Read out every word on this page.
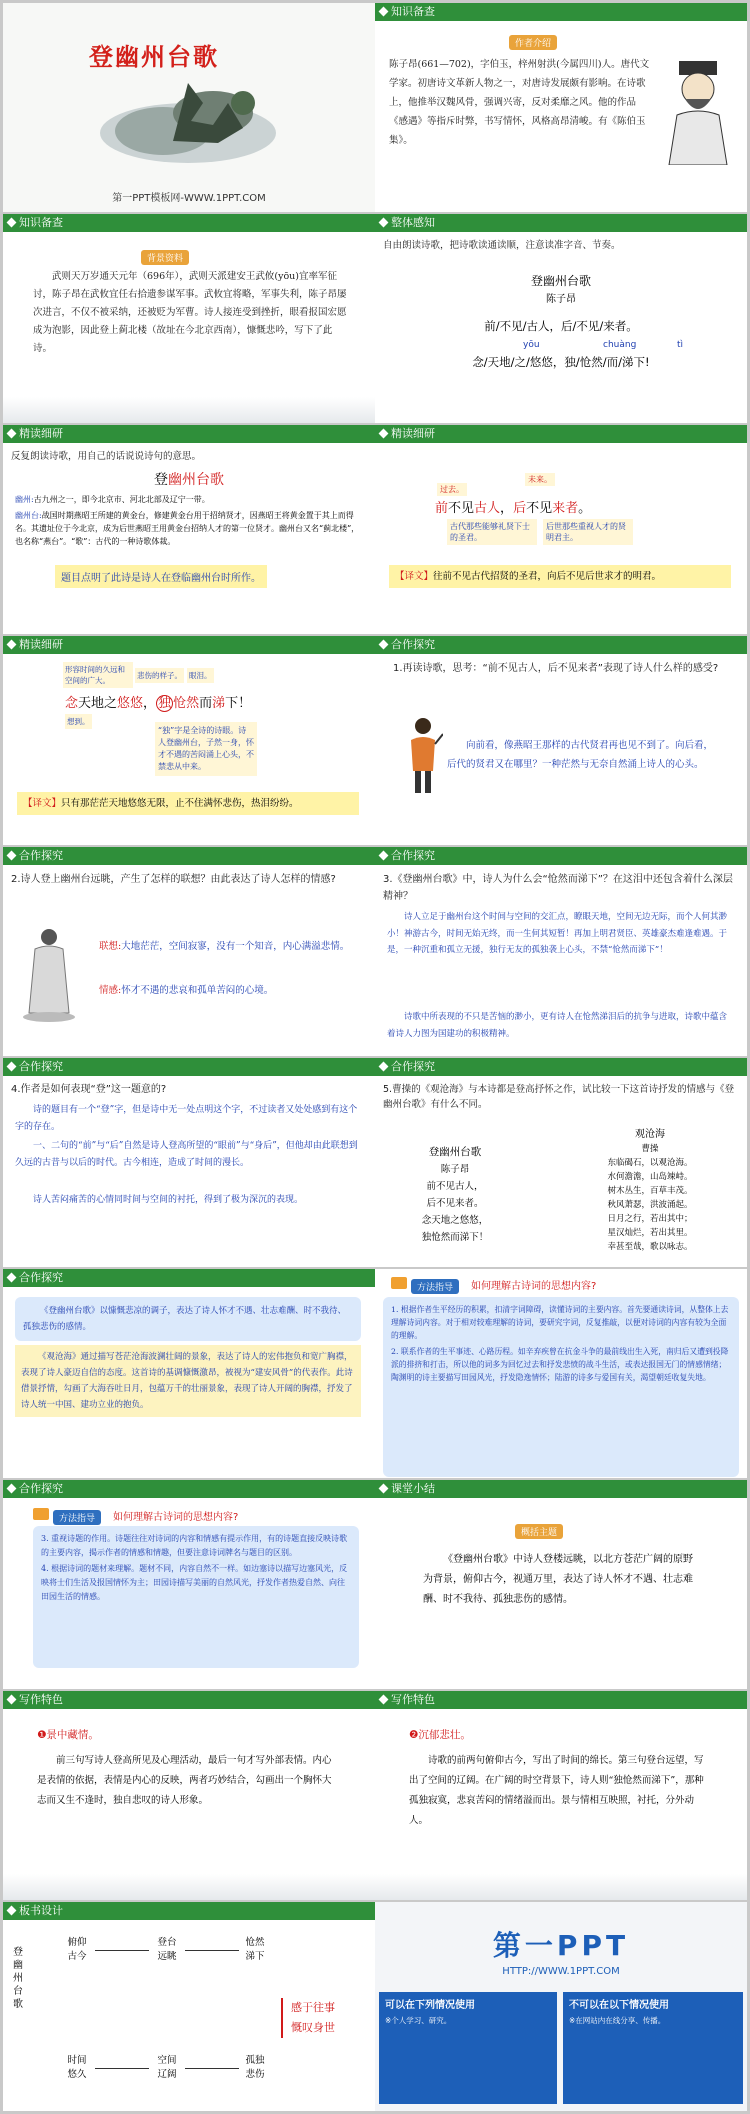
登幽州台歌
第一PPT模板网-WWW.1PPT.COM
知识备查
作者介绍
陈子昂(661—702)，字伯玉，梓州射洪(今属四川)人。唐代文学家。初唐诗文革新人物之一，对唐诗发展颇有影响。在诗歌上，他推举汉魏风骨，强调兴寄，反对柔靡之风。他的作品《感遇》等指斥时弊，书写情怀，风格高昂清峻。有《陈伯玉集》。
知识备查
背景资料
武则天万岁通天元年（696年），武则天派建安王武攸(yōu)宜率军征讨，陈子昂在武攸宜任右拾遗参谋军事。武攸宜将略，军事失利，陈子昂屡次进言，不仅不被采纳，还被贬为军曹。诗人接连受到挫折，眼看报国宏愿成为泡影，因此登上蓟北楼（故址在今北京西南），慷慨悲吟，写下了此诗。
整体感知
自由朗读诗歌，把诗歌读通读顺，注意读准字音、节奏。
登幽州台歌
陈子昂
前/不见/古人，后/不见/来者。
yōu	chuàng	tì
念/天地/之/悠悠，独/怆然/而/涕下!
精读细研
反复朗读诗歌，用自己的话说说诗句的意思。
登幽州台歌
幽州:古九州之一，即今北京市、河北北部及辽宁一带。
幽州台:战国时期燕昭王所建的黄金台，修建黄金台用于招纳贤才，因燕昭王将黄金置于其上而得名。其遗址位于今北京，成为后世燕昭王用黄金台招纳人才的第一位贤才。幽州台又名“蓟北楼”，也名称“燕台”。“歌”：古代的一种诗歌体裁。
题目点明了此诗是诗人在登临幽州台时所作。
精读细研
过去。
未来。
前不见古人，后不见来者。
古代那些能够礼贤下士的圣君。
后世那些重视人才的贤明君主。
【译文】往前不见古代招贤的圣君，向后不见后世求才的明君。
精读细研
形容时间的久远和空间的广大。
悲伤的样子。 眼泪。
念天地之悠悠， 独 怆然而涕下！
想到。
“独”字是全诗的诗眼。诗人登幽州台，子然一身，怀才不遇的苦闷涌上心头，不禁悲从中来。
【译文】只有那茫茫天地悠悠无限，止不住满怀悲伤，热泪纷纷。
合作探究
1.再读诗歌，思考：“前不见古人，后不见来者”表现了诗人什么样的感受?
向前看，像燕昭王那样的古代贤君再也见不到了。向后看，后代的贤君又在哪里？一种茫然与无奈自然涌上诗人的心头。
合作探究
2.诗人登上幽州台远眺，产生了怎样的联想？由此表达了诗人怎样的情感?
联想:大地茫茫，空间寂寥，没有一个知音，内心满溢悲情。
情感:怀才不遇的悲哀和孤单苦闷的心境。
合作探究
3.《登幽州台歌》中，诗人为什么会“怆然而涕下”？在这泪中还包含着什么深层精神？
诗人立足于幽州台这个时间与空间的交汇点，瞭眼天地，空间无边无际，而个人何其渺小！神游古今，时间无始无终，而一生何其短暂！再加上明君贤臣、英雄豪杰难逢难遇。于是，一种沉重和孤立无援，独行无友的孤独袭上心头，不禁“怆然而涕下”！
诗歌中所表现的不只是苦恼的渺小，更有诗人在怆然涕泪后的抗争与进取，诗歌中蕴含着诗人力图为国建功的积极精神。
合作探究
4.作者是如何表现“登”这一题意的?
诗的题目有一个“登”字，但是诗中无一处点明这个字，不过读者又处处感到有这个字的存在。
一、二句的“前”与“后”自然是诗人登高所望的“眼前”与“身后”，但他却由此联想到久远的古昔与以后的时代。古今相连，造成了时间的漫长。
诗人苦闷痛苦的心情同时间与空间的衬托，得到了极为深沉的表现。
合作探究
5.曹操的《观沧海》与本诗都是登高抒怀之作，试比较一下这首诗抒发的情感与《登幽州台歌》有什么不同。
登幽州台歌
陈子昂
前不见古人，
后不见来者。
念天地之悠悠，
独怆然而涕下！
观沧海
曹操
东临碣石，以观沧海。
水何澹澹，山岛竦峙。
树木丛生，百草丰茂。
秋风萧瑟，洪波涌起。
日月之行，若出其中；
星汉灿烂，若出其里。
幸甚至哉，歌以咏志。
合作探究
《登幽州台歌》以慷慨悲凉的调子，表达了诗人怀才不遇、壮志难酬、时不我待、孤独悲伤的感情。
《观沧海》通过描写苍茫沧海波澜壮阔的景象，表达了诗人的宏伟抱负和宽广胸襟，表现了诗人豪迈自信的态度。这首诗的基调慷慨激昂，被视为“建安风骨”的代表作。此诗借景抒情，勾画了大海吞吐日月，包蕴万千的壮丽景象，表现了诗人开阔的胸襟，抒发了诗人统一中国、建功立业的抱负。
方法指导	如何理解古诗词的思想内容?
1. 根据作者生平经历的积累，扣清字词障碍，读懂诗词的主要内容。首先要通读诗词，从整体上去理解诗词内容。对于相对较难理解的诗词，要研究字词，反复推敲，以便对诗词的内容有较为全面的理解。
2. 联系作者的生平事迹、心路历程。如辛弃疾曾在抗金斗争的最前线出生入死，南归后又遭到投降派的排挤和打击，所以他的词多为回忆过去和抒发悲愤的战斗生活，或表达报国无门的情感情绪；陶渊明的诗主要描写田园风光，抒发隐逸情怀；陆游的诗多与爱国有关，渴望朝廷收复失地。
合作探究
方法指导	如何理解古诗词的思想内容?
3. 重视诗题的作用。诗题往往对诗词的内容和情感有提示作用，有的诗题直接反映诗歌的主要内容，揭示作者的情感和情趣，但要注意诗词牌名与题目的区别。
4. 根据诗词的题材来理解。题材不同，内容自然不一样。如边塞诗以描写边塞风光，反映将士们生活及报国情怀为主；田园诗描写美丽的自然风光，抒发作者热爱自然、向往田园生活的情感。
课堂小结
概括主题
《登幽州台歌》中诗人登楼远眺，以北方苍茫广阔的原野为背景，俯仰古今，视通万里，表达了诗人怀才不遇、壮志难酬、时不我待、孤独悲伤的感情。
写作特色
❶景中藏情。
前三句写诗人登高所见及心理活动，最后一句才写外部表情。内心是表情的依据，表情是内心的反映，两者巧妙结合，勾画出一个胸怀大志而又生不逢时，独自悲叹的诗人形象。
写作特色
❷沉郁悲壮。
诗歌的前两句俯仰古今，写出了时间的绵长。第三句登台远望，写出了空间的辽阔。在广阔的时空背景下，诗人则“独怆然而涕下”，那种孤独寂寞，悲哀苦闷的情绪溢而出。景与情相互映照，衬托，分外动人。
板书设计
登幽州台歌
俯仰古今
登台远眺
怆然涕下
时间悠久
空间辽阔
孤独悲伤
感于往事
慨叹身世
第一PPT
HTTP://WWW.1PPT.COM
可以在下列情况使用
※个人学习、研究。
不可以在以下情况使用
※在网站内在线分享、传播。
